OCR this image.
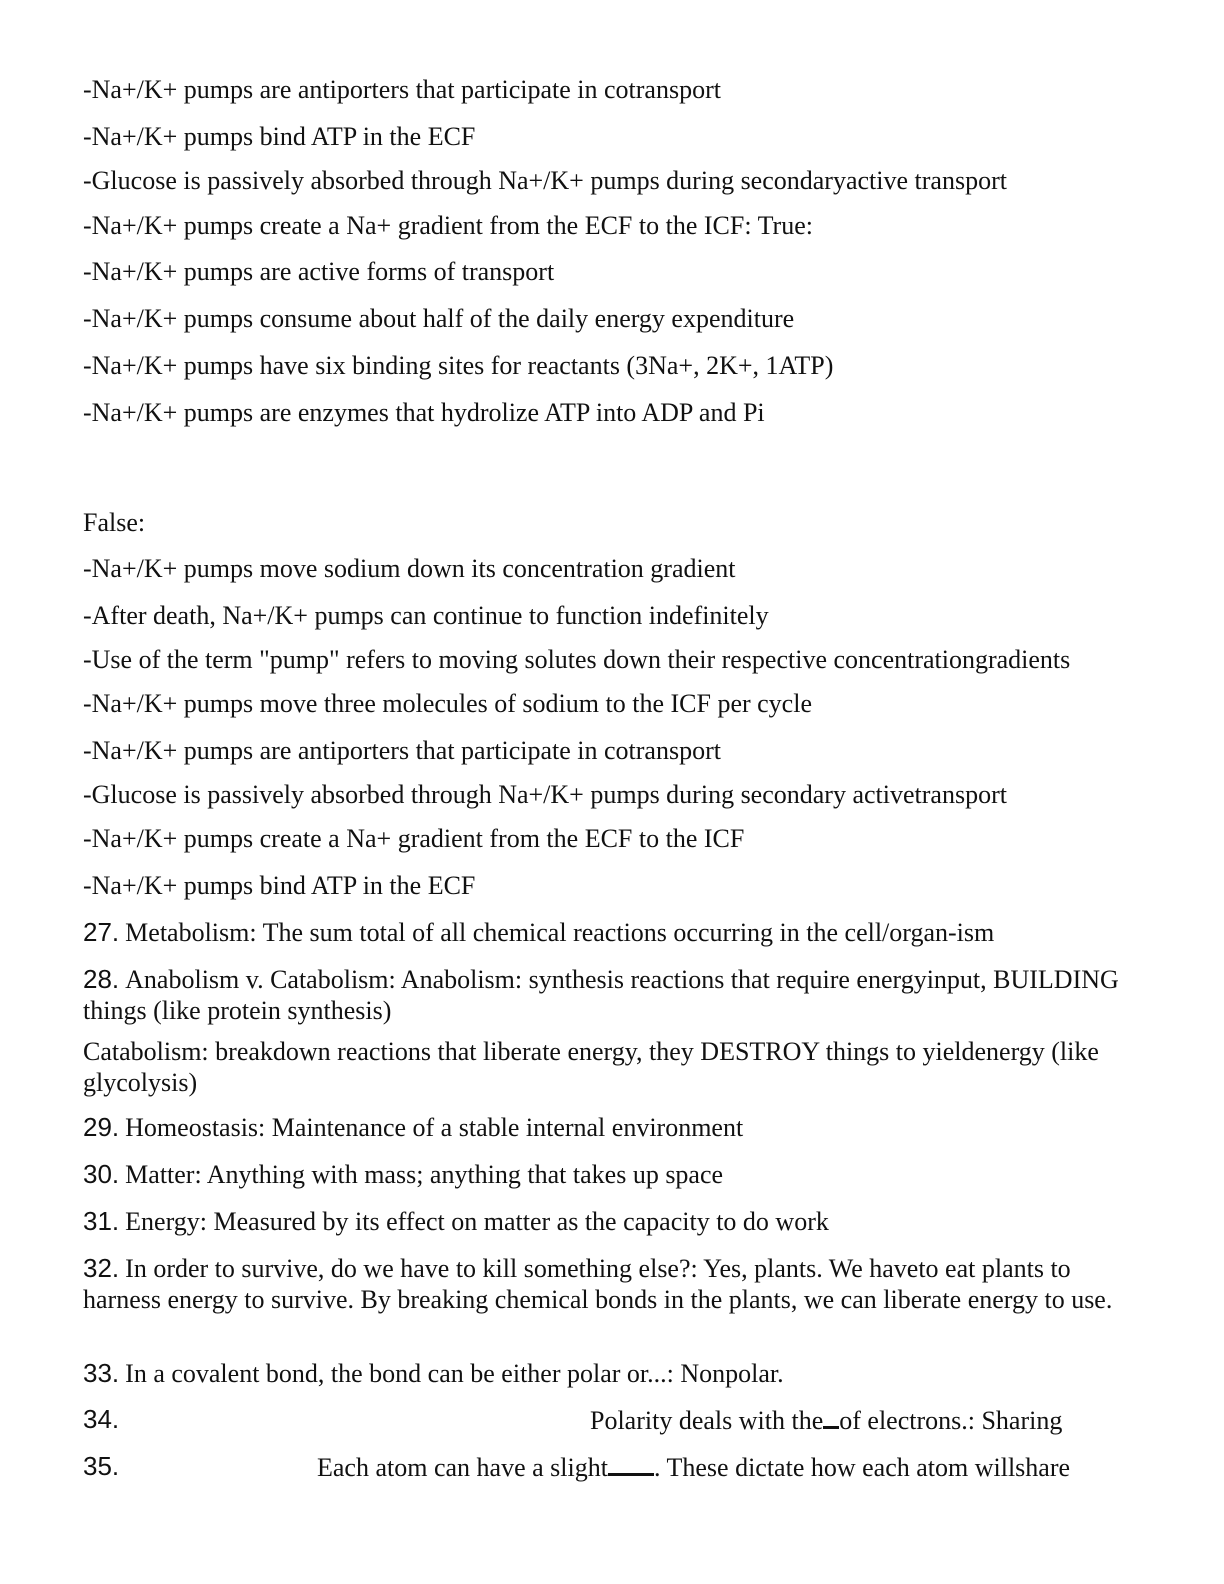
-Na+/K+ pumps are antiporters that participate in cotransport
-Na+/K+ pumps bind ATP in the ECF
-Glucose is passively absorbed through Na+/K+ pumps during secondaryactive transport
-Na+/K+ pumps create a Na+ gradient from the ECF to the ICF: True:
-Na+/K+ pumps are active forms of transport
-Na+/K+ pumps consume about half of the daily energy expenditure
-Na+/K+ pumps have six binding sites for reactants (3Na+, 2K+, 1ATP)
-Na+/K+ pumps are enzymes that hydrolize ATP into ADP and Pi
False:
-Na+/K+ pumps move sodium down its concentration gradient
-After death, Na+/K+ pumps can continue to function indefinitely
-Use of the term "pump" refers to moving solutes down their respective concentrationgradients
-Na+/K+ pumps move three molecules of sodium to the ICF per cycle
-Na+/K+ pumps are antiporters that participate in cotransport
-Glucose is passively absorbed through Na+/K+ pumps during secondary activetransport
-Na+/K+ pumps create a Na+ gradient from the ECF to the ICF
-Na+/K+ pumps bind ATP in the ECF
27. Metabolism: The sum total of all chemical reactions occurring in the cell/organ-ism
28. Anabolism v. Catabolism: Anabolism: synthesis reactions that require energyinput, BUILDING things (like protein synthesis)
Catabolism: breakdown reactions that liberate energy, they DESTROY things to yieldenergy (like glycolysis)
29. Homeostasis: Maintenance of a stable internal environment
30. Matter: Anything with mass; anything that takes up space
31. Energy: Measured by its effect on matter as the capacity to do work
32. In order to survive, do we have to kill something else?: Yes, plants. We haveto eat plants to harness energy to survive. By breaking chemical bonds in the plants, we can liberate energy to use.
33. In a covalent bond, the bond can be either polar or...: Nonpolar.
34.	Polarity deals with the of electrons.: Sharing
35.	Each atom can have a slight . These dictate how each atom willshare
